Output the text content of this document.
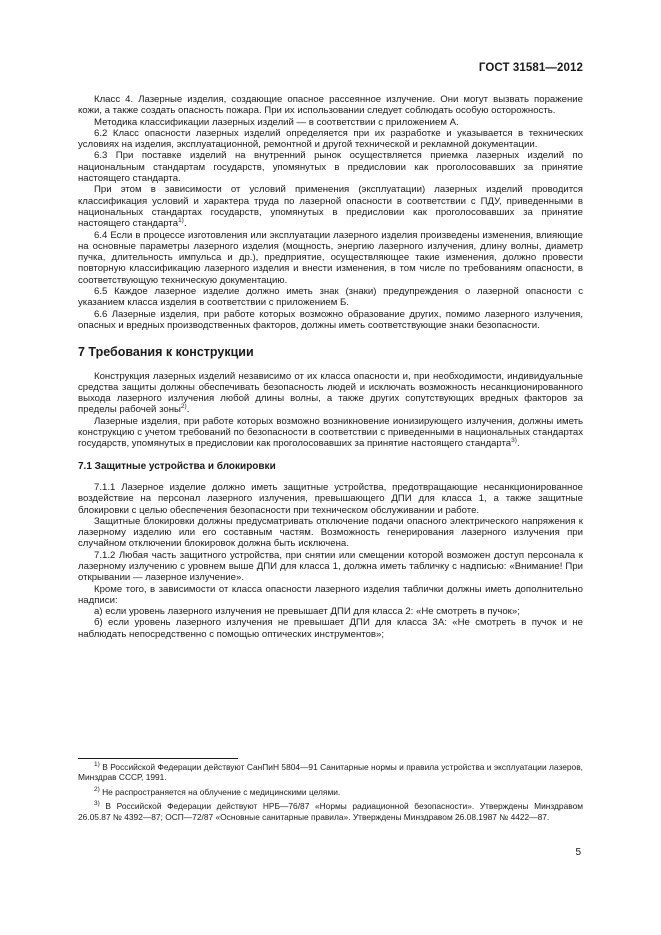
ГОСТ 31581—2012

Класс 4. Лазерные изделия, создающие опасное рассеянное излучение. Они могут вызвать поражение кожи, а также создать опасность пожара. При их использовании следует соблюдать особую осторожность.

Методика классификации лазерных изделий — в соответствии с приложением А.

6.2 Класс опасности лазерных изделий определяется при их разработке и указывается в технических условиях на изделия, эксплуатационной, ремонтной и другой технической и рекламной документации.

6.3 При поставке изделий на внутренний рынок осуществляется приемка лазерных изделий по национальным стандартам государств, упомянутых в предисловии как проголосовавших за принятие настоящего стандарта.

При этом в зависимости от условий применения (эксплуатации) лазерных изделий проводится классификация условий и характера труда по лазерной опасности в соответствии с ПДУ, приведенными в национальных стандартах государств, упомянутых в предисловии как проголосовавших за принятие настоящего стандарта$^{1)}$.

6.4 Если в процессе изготовления или эксплуатации лазерного изделия произведены изменения, влияющие на основные параметры лазерного изделия (мощность, энергию лазерного излучения, длину волны, диаметр пучка, длительность импульса и др.), предприятие, осуществляющее такие изменения, должно провести повторную классификацию лазерного изделия и внести изменения, в том числе по требованиям опасности, в соответствующую техническую документацию.

6.5 Каждое лазерное изделие должно иметь знак (знаки) предупреждения о лазерной опасности с указанием класса изделия в соответствии с приложением Б.

6.6 Лазерные изделия, при работе которых возможно образование других, помимо лазерного излучения, опасных и вредных производственных факторов, должны иметь соответствующие знаки безопасности.

7 Требования к конструкции

Конструкция лазерных изделий независимо от их класса опасности и, при необходимости, индивидуальные средства защиты должны обеспечивать безопасность людей и исключать возможность несанкционированного выхода лазерного излучения любой длины волны, а также других сопутствующих вредных факторов за пределы рабочей зоны$^{2)}$.

Лазерные изделия, при работе которых возможно возникновение ионизирующего излучения, должны иметь конструкцию с учетом требований по безопасности в соответствии с приведенными в национальных стандартах государств, упомянутых в предисловии как проголосовавших за принятие настоящего стандарта$^{3)}$.

7.1 Защитные устройства и блокировки

7.1.1 Лазерное изделие должно иметь защитные устройства, предотвращающие несанкционированное воздействие на персонал лазерного излучения, превышающего ДПИ для класса 1, а также защитные блокировки с целью обеспечения безопасности при техническом обслуживании и работе.

Защитные блокировки должны предусматривать отключение подачи опасного электрического напряжения к лазерному изделию или его составным частям. Возможность генерирования лазерного излучения при случайном отключении блокировок должна быть исключена.

7.1.2 Любая часть защитного устройства, при снятии или смещении которой возможен доступ персонала к лазерному излучению с уровнем выше ДПИ для класса 1, должна иметь табличку с надписью: «Внимание! При открывании — лазерное излучение».

Кроме того, в зависимости от класса опасности лазерного изделия таблички должны иметь дополнительно надписи:

а) если уровень лазерного излучения не превышает ДПИ для класса 2: «Не смотреть в пучок»;

б) если уровень лазерного излучения не превышает ДПИ для класса 3А: «Не смотреть в пучок и не наблюдать непосредственно с помощью оптических инструментов»;

$^{1)}$ В Российской Федерации действуют СанПиН 5804—91 Санитарные нормы и правила устройства и эксплуатации лазеров, Минздрав СССР, 1991.

$^{2)}$ Не распространяется на облучение с медицинскими целями.

$^{3)}$ В Российской Федерации действуют НРБ—76/87 «Нормы радиационной безопасности». Утверждены Минздравом 26.05.87 № 4392—87; ОСП—72/87 «Основные санитарные правила». Утверждены Минздравом 26.08.1987 № 4422—87.

5
